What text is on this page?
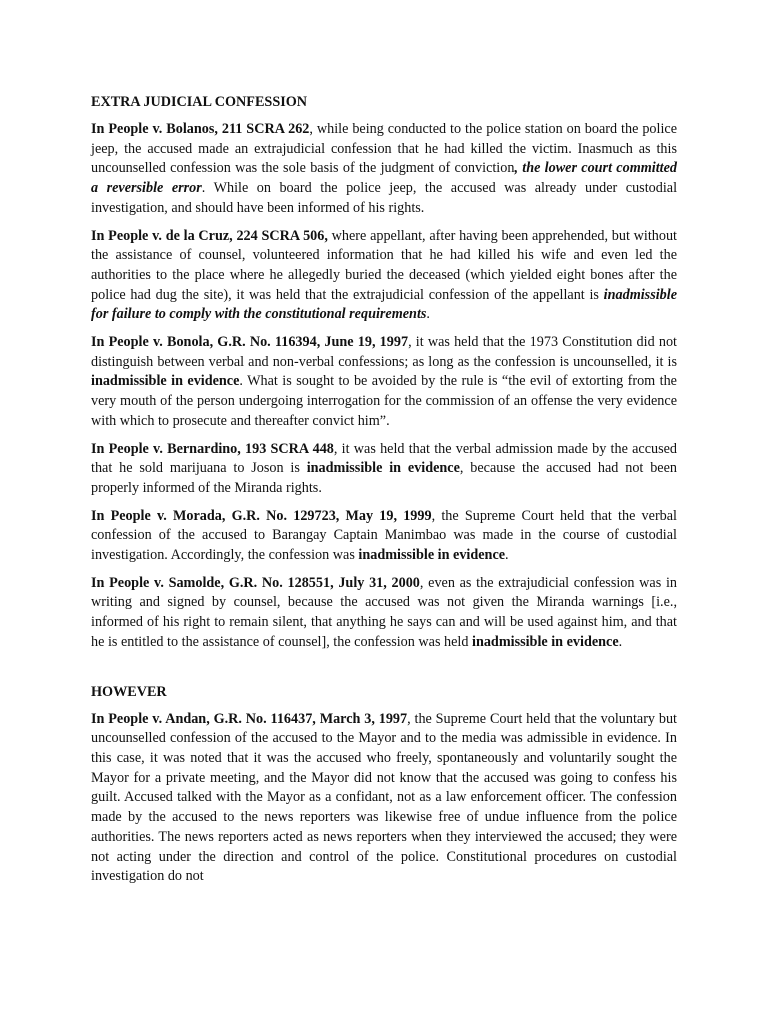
EXTRA JUDICIAL CONFESSION

In People v. Bolanos, 211 SCRA 262, while being conducted to the police station on board the police jeep, the accused made an extrajudicial confession that he had killed the victim. Inasmuch as this uncounselled confession was the sole basis of the judgment of conviction, the lower court committed a reversible error. While on board the police jeep, the accused was already under custodial investigation, and should have been informed of his rights.

In People v. de la Cruz, 224 SCRA 506, where appellant, after having been apprehended, but without the assistance of counsel, volunteered information that he had killed his wife and even led the authorities to the place where he allegedly buried the deceased (which yielded eight bones after the police had dug the site), it was held that the extrajudicial confession of the appellant is inadmissible for failure to comply with the constitutional requirements.

In People v. Bonola, G.R. No. 116394, June 19, 1997, it was held that the 1973 Constitution did not distinguish between verbal and non-verbal confessions; as long as the confession is uncounselled, it is inadmissible in evidence. What is sought to be avoided by the rule is “the evil of extorting from the very mouth of the person undergoing interrogation for the commission of an offense the very evidence with which to prosecute and thereafter convict him”.

In People v. Bernardino, 193 SCRA 448, it was held that the verbal admission made by the accused that he sold marijuana to Joson is inadmissible in evidence, because the accused had not been properly informed of the Miranda rights.

In People v. Morada, G.R. No. 129723, May 19, 1999, the Supreme Court held that the verbal confession of the accused to Barangay Captain Manimbao was made in the course of custodial investigation. Accordingly, the confession was inadmissible in evidence.

In People v. Samolde, G.R. No. 128551, July 31, 2000, even as the extrajudicial confession was in writing and signed by counsel, because the accused was not given the Miranda warnings [i.e., informed of his right to remain silent, that anything he says can and will be used against him, and that he is entitled to the assistance of counsel], the confession was held inadmissible in evidence.

HOWEVER

In People v. Andan, G.R. No. 116437, March 3, 1997, the Supreme Court held that the voluntary but uncounselled confession of the accused to the Mayor and to the media was admissible in evidence. In this case, it was noted that it was the accused who freely, spontaneously and voluntarily sought the Mayor for a private meeting, and the Mayor did not know that the accused was going to confess his guilt. Accused talked with the Mayor as a confidant, not as a law enforcement officer. The confession made by the accused to the news reporters was likewise free of undue influence from the police authorities. The news reporters acted as news reporters when they interviewed the accused; they were not acting under the direction and control of the police. Constitutional procedures on custodial investigation do not
